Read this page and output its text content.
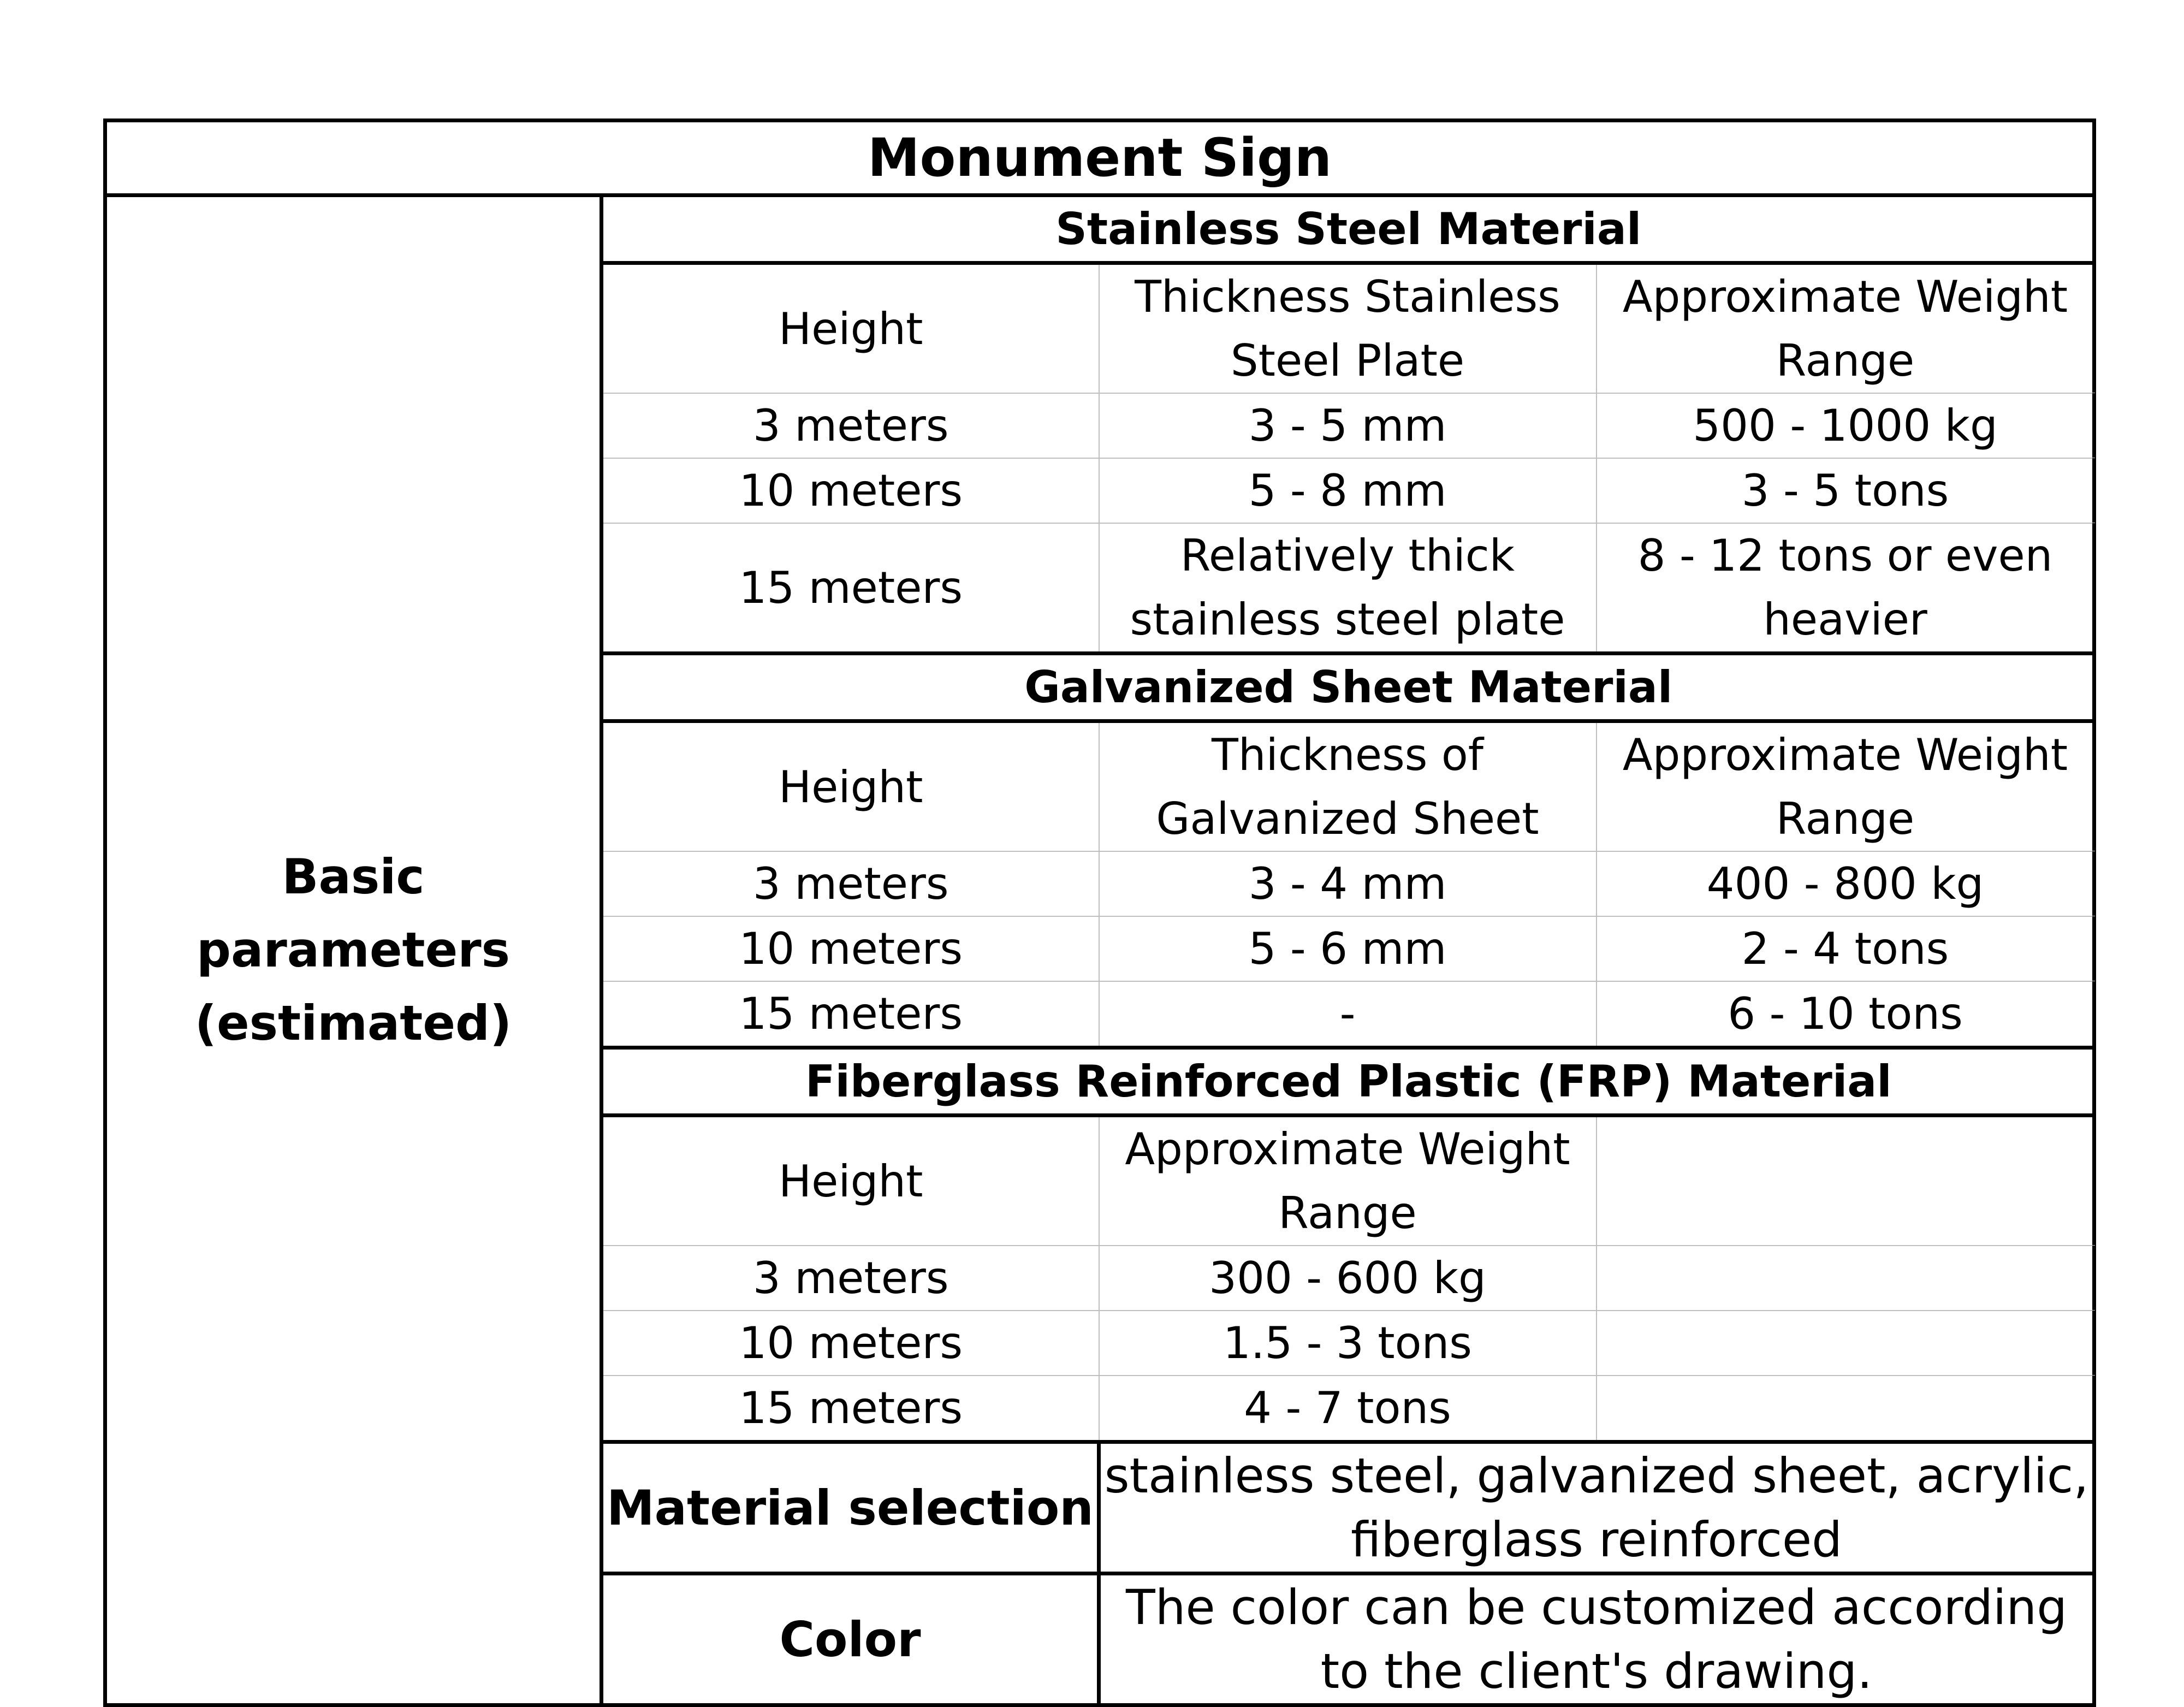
Monument Sign			
Basic parameters (estimated)	Stainless Steel Material		
	Height	Thickness Stainless Steel Plate	Approximate Weight Range
	3 meters	3 - 5 mm	500 - 1000 kg
	10 meters	5 - 8 mm	3 - 5 tons
	15 meters	Relatively thick stainless steel plate	8 - 12 tons or even heavier
	Galvanized Sheet Material		
	Height	Thickness of Galvanized Sheet	Approximate Weight Range
	3 meters	3 - 4 mm	400 - 800 kg
	10 meters	5 - 6 mm	2 - 4 tons
	15 meters	-	6 - 10 tons
	Fiberglass Reinforced Plastic (FRP) Material		
	Height	Approximate Weight Range	
	3 meters	300 - 600 kg	
	10 meters	1.5 - 3 tons	
	15 meters	4 - 7 tons	
	Material selection	stainless steel, galvanized sheet, acrylic, fiberglass reinforced	
	Color	The color can be customized according to the client's drawing.	
